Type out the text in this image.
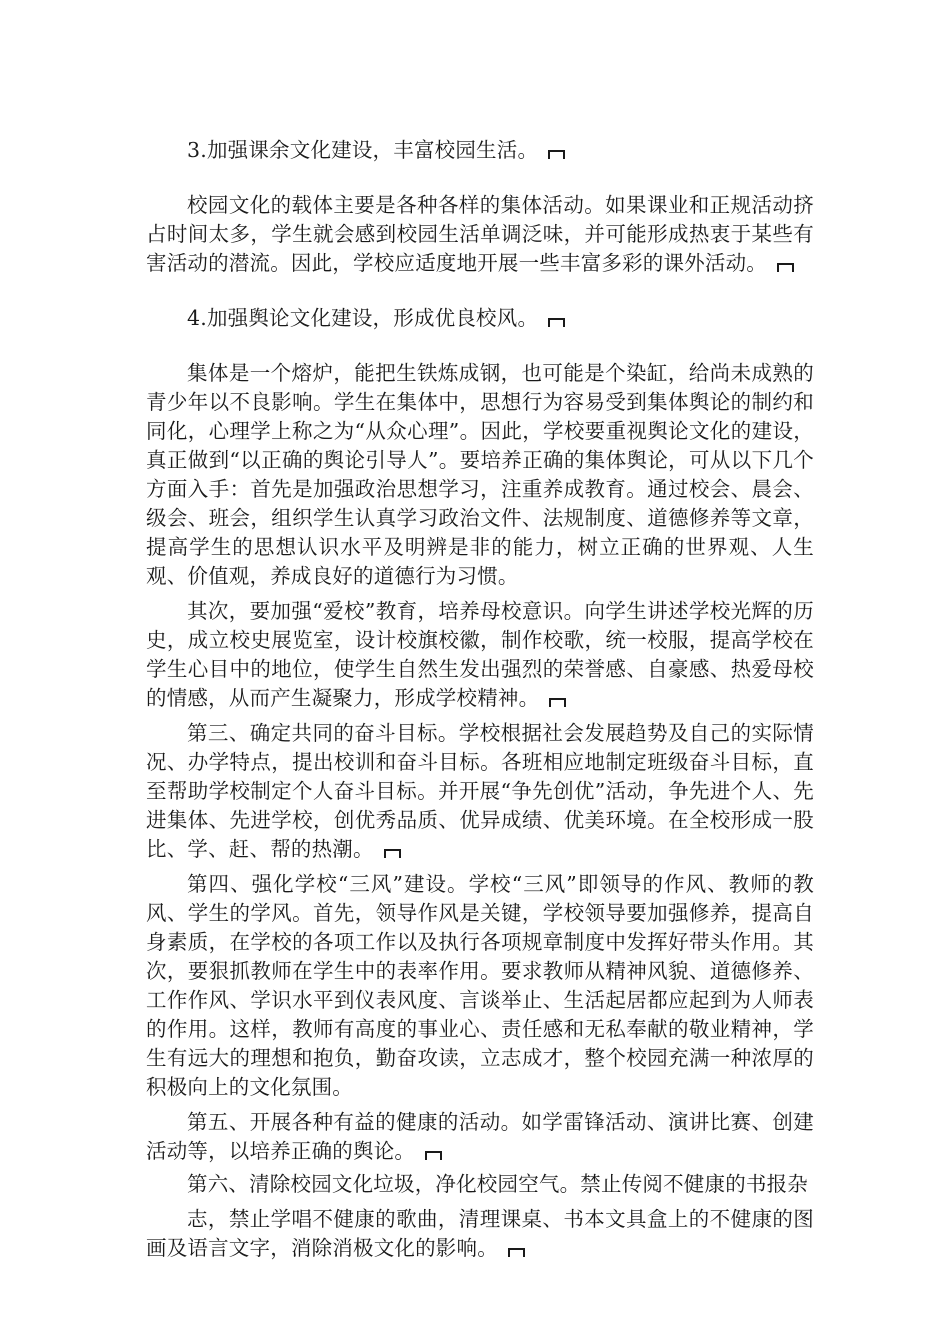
3.加强课余文化建设，丰富校园生活。

校园文化的载体主要是各种各样的集体活动。如果课业和正规活动挤占时间太多，学生就会感到校园生活单调泛味，并可能形成热衷于某些有害活动的潜流。因此，学校应适度地开展一些丰富多彩的课外活动。

4.加强舆论文化建设，形成优良校风。

集体是一个熔炉，能把生铁炼成钢，也可能是个染缸，给尚未成熟的青少年以不良影响。学生在集体中，思想行为容易受到集体舆论的制约和同化，心理学上称之为“从众心理”。因此，学校要重视舆论文化的建设，真正做到“以正确的舆论引导人”。要培养正确的集体舆论，可从以下几个方面入手：首先是加强政治思想学习，注重养成教育。通过校会、晨会、级会、班会，组织学生认真学习政治文件、法规制度、道德修养等文章，提高学生的思想认识水平及明辨是非的能力，树立正确的世界观、人生观、价值观，养成良好的道德行为习惯。

其次，要加强“爱校”教育，培养母校意识。向学生讲述学校光辉的历史，成立校史展览室，设计校旗校徽，制作校歌，统一校服，提高学校在学生心目中的地位，使学生自然生发出强烈的荣誉感、自豪感、热爱母校的情感，从而产生凝聚力，形成学校精神。

第三、确定共同的奋斗目标。学校根据社会发展趋势及自己的实际情况、办学特点，提出校训和奋斗目标。各班相应地制定班级奋斗目标，直至帮助学校制定个人奋斗目标。并开展“争先创优”活动，争先进个人、先进集体、先进学校，创优秀品质、优异成绩、优美环境。在全校形成一股比、学、赶、帮的热潮。

第四、强化学校“三风”建设。学校“三风”即领导的作风、教师的教风、学生的学风。首先，领导作风是关键，学校领导要加强修养，提高自身素质，在学校的各项工作以及执行各项规章制度中发挥好带头作用。其次，要狠抓教师在学生中的表率作用。要求教师从精神风貌、道德修养、工作作风、学识水平到仪表风度、言谈举止、生活起居都应起到为人师表的作用。这样，教师有高度的事业心、责任感和无私奉献的敬业精神，学生有远大的理想和抱负，勤奋攻读，立志成才，整个校园充满一种浓厚的积极向上的文化氛围。

第五、开展各种有益的健康的活动。如学雷锋活动、演讲比赛、创建活动等，以培养正确的舆论。

第六、清除校园文化垃圾，净化校园空气。禁止传阅不健康的书报杂

志，禁止学唱不健康的歌曲，清理课桌、书本文具盒上的不健康的图画及语言文字，消除消极文化的影响。
